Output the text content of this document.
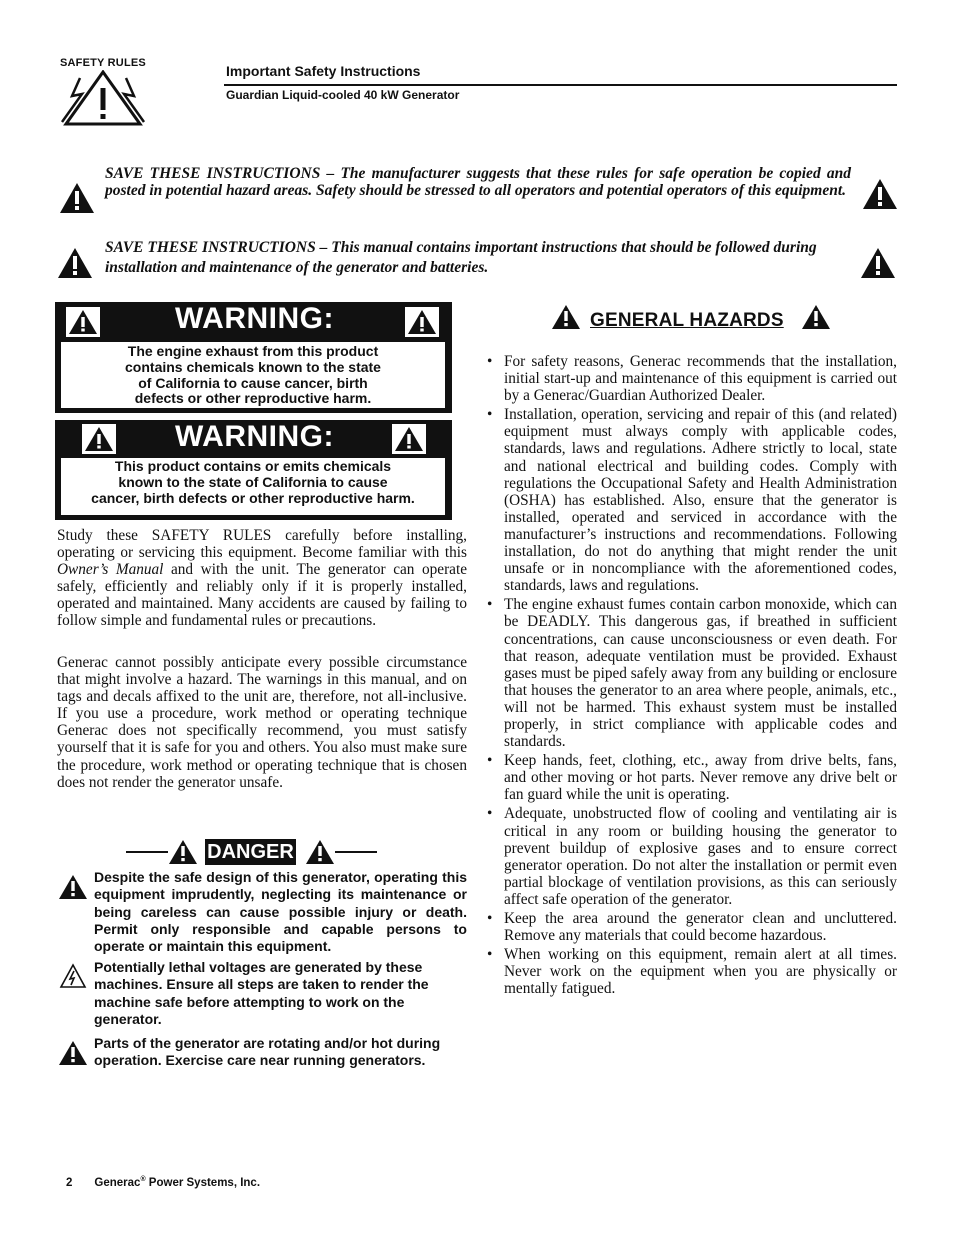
SAFETY RULES	Important Safety Instructions
Guardian Liquid-cooled 40 kW Generator
SAVE THESE INSTRUCTIONS – The manufacturer suggests that these rules for safe operation be copied and posted in potential hazard areas. Safety should be stressed to all operators and potential operators of this equipment.
SAVE THESE INSTRUCTIONS – This manual contains important instructions that should be followed during installation and maintenance of the generator and batteries.
WARNING:
The engine exhaust from this product
contains chemicals known to the state
of California to cause cancer, birth
defects or other reproductive harm.
WARNING:
This product contains or emits chemicals
known to the state of California to cause
cancer, birth defects or other reproductive harm.
Study these SAFETY RULES carefully before installing, operating or servicing this equipment. Become familiar with this Owner’s Manual and with the unit. The generator can operate safely, efficiently and reliably only if it is properly installed, operated and maintained. Many accidents are caused by failing to follow simple and fundamental rules or precautions.
Generac cannot possibly anticipate every possible circumstance that might involve a hazard. The warnings in this manual, and on tags and decals affixed to the unit are, therefore, not all-inclusive. If you use a procedure, work method or operating technique Generac does not specifically recommend, you must satisfy yourself that it is safe for you and others. You also must make sure the procedure, work method or operating technique that is chosen does not render the generator unsafe.
DANGER
Despite the safe design of this generator, operating this equipment imprudently, neglecting its maintenance or being careless can cause possible injury or death. Permit only responsible and capable persons to operate or maintain this equipment.
Potentially lethal voltages are generated by these machines. Ensure all steps are taken to render the machine safe before attempting to work on the generator.
Parts of the generator are rotating and/or hot during operation. Exercise care near running generators.
GENERAL HAZARDS
• For safety reasons, Generac recommends that the installation, initial start-up and maintenance of this equipment is carried out by a Generac/Guardian Authorized Dealer.
• Installation, operation, servicing and repair of this (and related) equipment must always comply with applicable codes, standards, laws and regulations. Adhere strictly to local, state and national electrical and building codes. Comply with regulations the Occupational Safety and Health Administration (OSHA) has established. Also, ensure that the generator is installed, operated and serviced in accordance with the manufacturer’s instructions and recommendations. Following installation, do not do anything that might render the unit unsafe or in noncompliance with the aforementioned codes, standards, laws and regulations.
• The engine exhaust fumes contain carbon monoxide, which can be DEADLY. This dangerous gas, if breathed in sufficient concentrations, can cause unconsciousness or even death. For that reason, adequate ventilation must be provided. Exhaust gases must be piped safely away from any building or enclosure that houses the generator to an area where people, animals, etc., will not be harmed. This exhaust system must be installed properly, in strict compliance with applicable codes and standards.
• Keep hands, feet, clothing, etc., away from drive belts, fans, and other moving or hot parts. Never remove any drive belt or fan guard while the unit is operating.
• Adequate, unobstructed flow of cooling and ventilating air is critical in any room or building housing the generator to prevent buildup of explosive gases and to ensure correct generator operation. Do not alter the installation or permit even partial blockage of ventilation provisions, as this can seriously affect safe operation of the generator.
• Keep the area around the generator clean and uncluttered. Remove any materials that could become hazardous.
• When working on this equipment, remain alert at all times. Never work on the equipment when you are physically or mentally fatigued.
2 Generac® Power Systems, Inc.
